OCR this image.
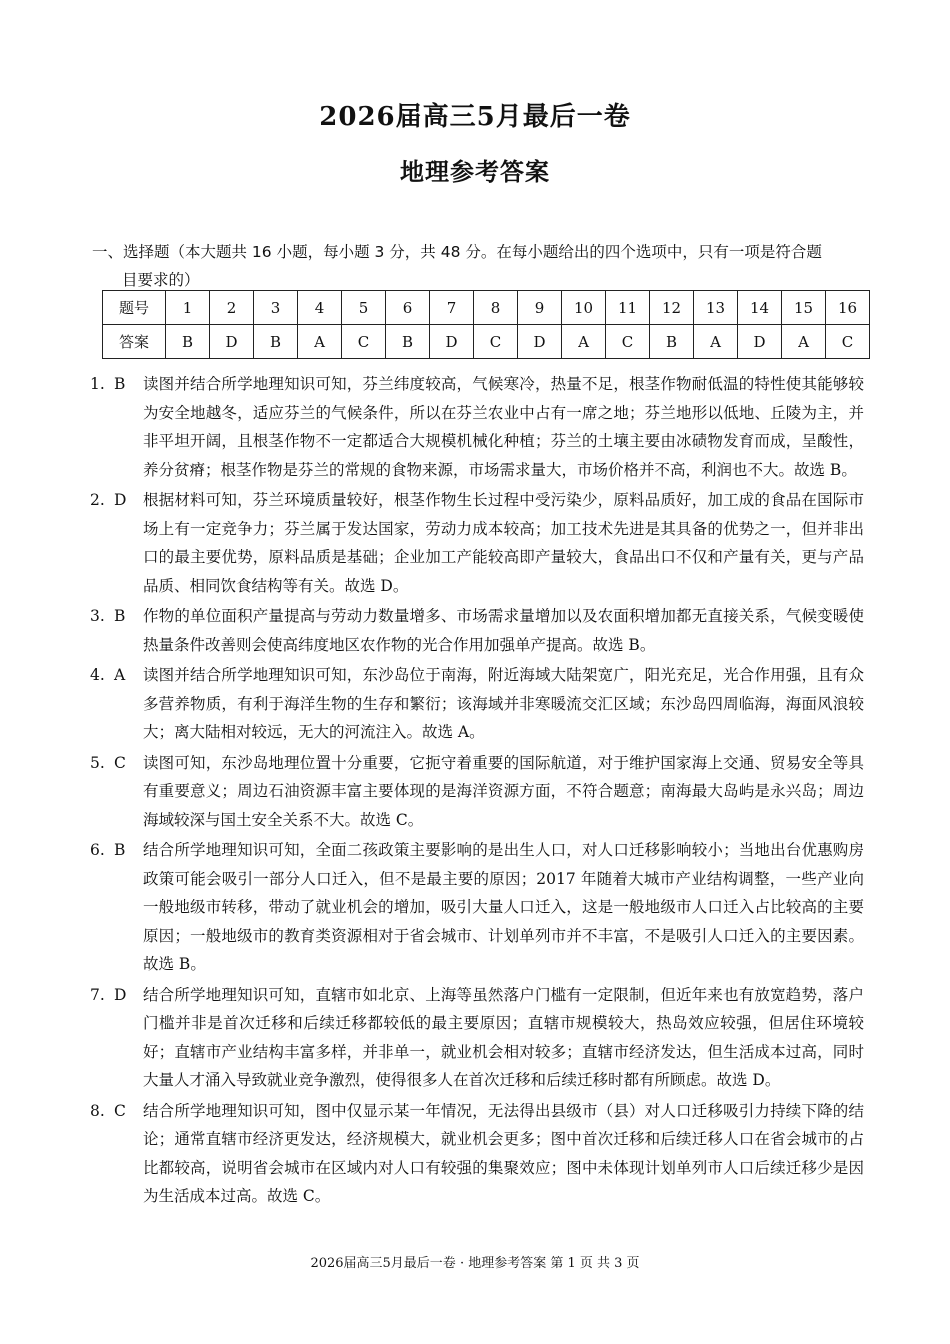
2026届高三5月最后一卷
地理参考答案
一、选择题（本大题共 16 小题，每小题 3 分，共 48 分。在每小题给出的四个选项中，只有一项是符合题
目要求的）
题号	1	2	3	4	5	6	7	8	9	10	11	12	13	14	15	16
答案	B	D	B	A	C	B	D	C	D	A	C	B	A	D	A	C
1. B 读图并结合所学地理知识可知，芬兰纬度较高，气候寒冷，热量不足，根茎作物耐低温的特性使其能够较为安全地越冬，适应芬兰的气候条件，所以在芬兰农业中占有一席之地；芬兰地形以低地、丘陵为主，并非平坦开阔，且根茎作物不一定都适合大规模机械化种植；芬兰的土壤主要由冰碛物发育而成，呈酸性，养分贫瘠；根茎作物是芬兰的常规的食物来源，市场需求量大，市场价格并不高，利润也不大。故选 B。
2. D 根据材料可知，芬兰环境质量较好，根茎作物生长过程中受污染少，原料品质好，加工成的食品在国际市场上有一定竞争力；芬兰属于发达国家，劳动力成本较高；加工技术先进是其具备的优势之一，但并非出口的最主要优势，原料品质是基础；企业加工产能较高即产量较大，食品出口不仅和产量有关，更与产品品质、相同饮食结构等有关。故选 D。
3. B 作物的单位面积产量提高与劳动力数量增多、市场需求量增加以及农面积增加都无直接关系，气候变暖使热量条件改善则会使高纬度地区农作物的光合作用加强单产提高。故选 B。
4. A 读图并结合所学地理知识可知，东沙岛位于南海，附近海域大陆架宽广，阳光充足，光合作用强，且有众多营养物质，有利于海洋生物的生存和繁衍；该海域并非寒暖流交汇区域；东沙岛四周临海，海面风浪较大；离大陆相对较远，无大的河流注入。故选 A。
5. C 读图可知，东沙岛地理位置十分重要，它扼守着重要的国际航道，对于维护国家海上交通、贸易安全等具有重要意义；周边石油资源丰富主要体现的是海洋资源方面，不符合题意；南海最大岛屿是永兴岛；周边海域较深与国土安全关系不大。故选 C。
6. B 结合所学地理知识可知，全面二孩政策主要影响的是出生人口，对人口迁移影响较小；当地出台优惠购房政策可能会吸引一部分人口迁入，但不是最主要的原因；2017 年随着大城市产业结构调整，一些产业向一般地级市转移，带动了就业机会的增加，吸引大量人口迁入，这是一般地级市人口迁入占比较高的主要原因；一般地级市的教育类资源相对于省会城市、计划单列市并不丰富，不是吸引人口迁入的主要因素。故选 B。
7. D 结合所学地理知识可知，直辖市如北京、上海等虽然落户门槛有一定限制，但近年来也有放宽趋势，落户门槛并非是首次迁移和后续迁移都较低的最主要原因；直辖市规模较大，热岛效应较强，但居住环境较好；直辖市产业结构丰富多样，并非单一，就业机会相对较多；直辖市经济发达，但生活成本过高，同时大量人才涌入导致就业竞争激烈，使得很多人在首次迁移和后续迁移时都有所顾虑。故选 D。
8. C 结合所学地理知识可知，图中仅显示某一年情况，无法得出县级市（县）对人口迁移吸引力持续下降的结论；通常直辖市经济更发达，经济规模大，就业机会更多；图中首次迁移和后续迁移人口在省会城市的占比都较高，说明省会城市在区域内对人口有较强的集聚效应；图中未体现计划单列市人口后续迁移少是因为生活成本过高。故选 C。
2026届高三5月最后一卷 · 地理参考答案 第 1 页 共 3 页
